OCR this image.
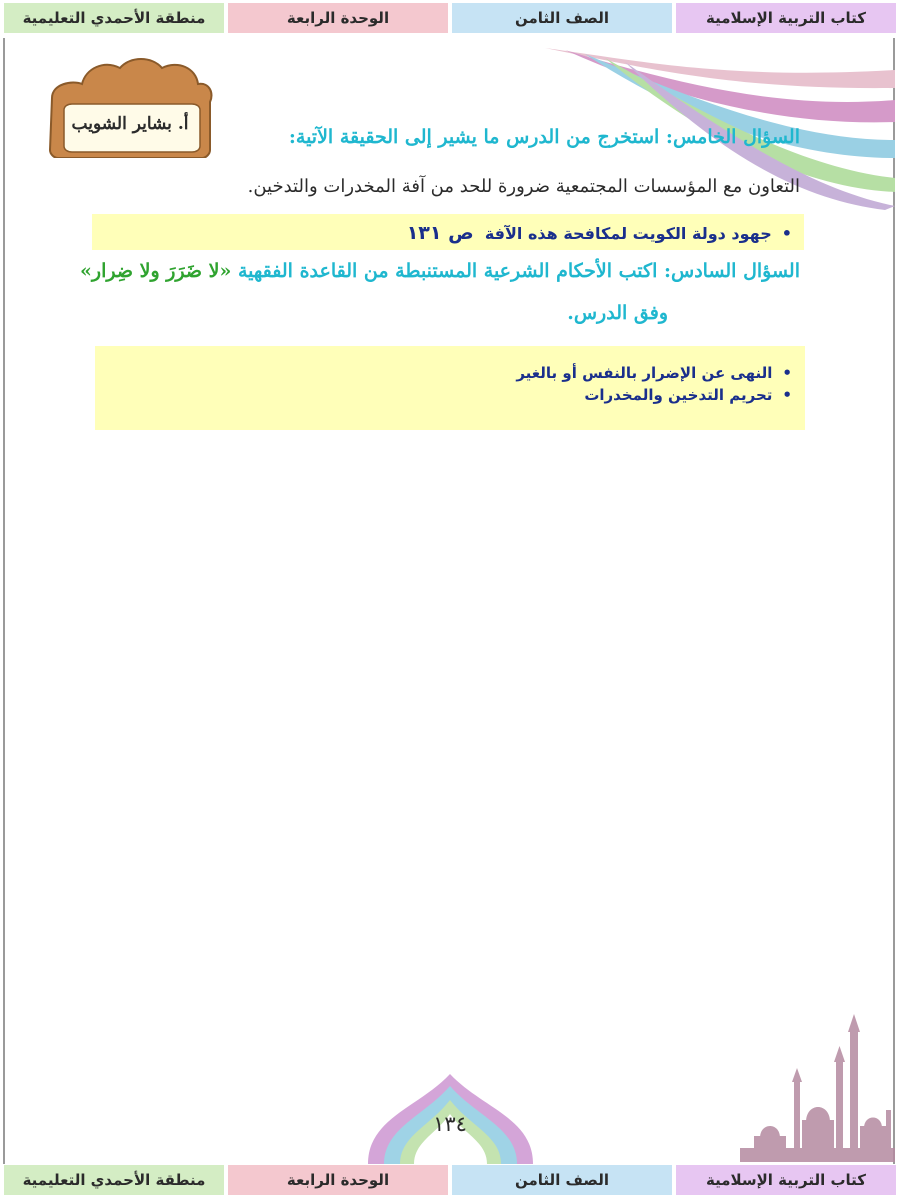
كتاب التربية الإسلامية
الصف الثامن
الوحدة الرابعة
منطقة الأحمدي التعليمية
أ. بشاير الشويب
السؤال الخامس: استخرج من الدرس ما يشير إلى الحقيقة الآتية:
التعاون مع المؤسسات المجتمعية ضرورة للحد من آفة المخدرات والتدخين.
•جهود دولة الكويت لمكافحة هذه الآفة  ص ١٣١
السؤال السادس: اكتب الأحكام الشرعية المستنبطة من القاعدة الفقهية «لا ضَرَرَ ولا ضِرار»
وفق الدرس.
•النهى عن الإضرار بالنفس أو بالغير
•تحريم التدخين والمخدرات
١٣٤
كتاب التربية الإسلامية
الصف الثامن
الوحدة الرابعة
منطقة الأحمدي التعليمية
